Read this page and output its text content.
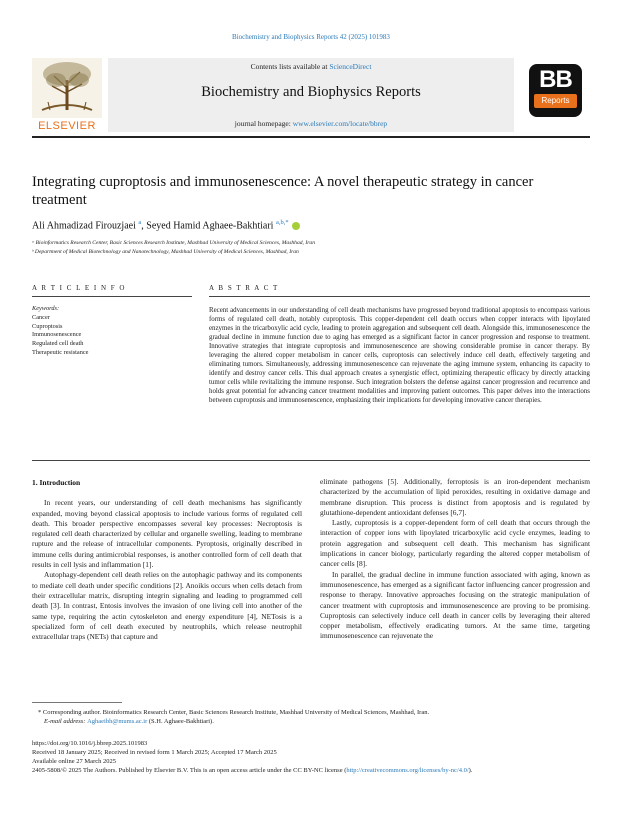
Biochemistry and Biophysics Reports 42 (2025) 101983
ELSEVIER
Contents lists available at ScienceDirect
Biochemistry and Biophysics Reports
journal homepage: www.elsevier.com/locate/bbrep
BB
Reports
Integrating cuproptosis and immunosenescence: A novel therapeutic strategy in cancer treatment
Ali Ahmadizad Firouzjaei $^a$, Seyed Hamid Aghaee-Bakhtiari $^{a,b,*}$
ᵃ Bioinformatics Research Center, Basic Sciences Research Institute, Mashhad University of Medical Sciences, Mashhad, Iran
ᵇ Department of Medical Biotechnology and Nanotechnology, Mashhad University of Medical Sciences, Mashhad, Iran
A R T I C L E I N F O	A B S T R A C T
Keywords:
Cancer
Cuproptosis
Immunosenescence
Regulated cell death
Therapeutic resistance
Recent advancements in our understanding of cell death mechanisms have progressed beyond traditional apoptosis to encompass various forms of regulated cell death, notably cuproptosis. This copper-dependent cell death occurs when copper interacts with lipoylated enzymes in the tricarboxylic acid cycle, leading to protein aggregation and subsequent cell death. Alongside this, immunosenescence the gradual decline in immune function due to aging has emerged as a significant factor in cancer progression and response to treatment. Innovative strategies that integrate cuproptosis and immunosenescence are showing considerable promise in cancer therapy. By leveraging the altered copper metabolism in cancer cells, cuproptosis can selectively induce cell death, effectively targeting and eliminating tumors. Simultaneously, addressing immunosenescence can rejuvenate the aging immune system, enhancing its capacity to identify and destroy cancer cells. This dual approach creates a synergistic effect, optimizing therapeutic efficacy by directly attacking tumor cells while revitalizing the immune response. Such integration bolsters the defense against cancer progression and recurrence and holds great potential for advancing cancer treatment modalities and improving patient outcomes. This paper delves into the interactions between cuproptosis and immunosenescence, emphasizing their implications for developing innovative cancer therapies.
1. Introduction

In recent years, our understanding of cell death mechanisms has significantly expanded, moving beyond classical apoptosis to include various forms of regulated cell death. This broader perspective encompasses several key processes: Necroptosis is regulated cell death characterized by cellular and organelle swelling, leading to membrane rupture and the release of intracellular components. Pyroptosis, originally described in immune cells during antimicrobial responses, is another controlled form of cell death that results in cell lysis and inflammation [1].

Autophagy-dependent cell death relies on the autophagic pathway and its components to mediate cell death under specific conditions [2]. Anoikis occurs when cells detach from their extracellular matrix, disrupting integrin signaling and leading to programmed cell death [3]. In contrast, Entosis involves the invasion of one living cell into another of the same type, requiring the actin cytoskeleton and energy expenditure [4], NETosis is a specialized form of cell death executed by neutrophils, which release neutrophil extracellular traps (NETs) that capture and

eliminate pathogens [5]. Additionally, ferroptosis is an iron-dependent mechanism characterized by the accumulation of lipid peroxides, resulting in oxidative damage and membrane disruption. This process is distinct from apoptosis and is regulated by glutathione-dependent antioxidant defenses [6,7].

Lastly, cuproptosis is a copper-dependent form of cell death that occurs through the interaction of copper ions with lipoylated tricarboxylic acid cycle enzymes, leading to protein aggregation and subsequent cell death. This mechanism has significant implications in cancer biology, particularly regarding the altered copper metabolism of cancer cells [8].

In parallel, the gradual decline in immune function associated with aging, known as immunosenescence, has emerged as a significant factor influencing cancer progression and response to therapy. Innovative approaches focusing on the strategic manipulation of cancer treatment with cuproptosis and immunosenescence are proving to be promising. Cuproptosis can selectively induce cell death in cancer cells by leveraging their altered copper metabolism, effectively eradicating tumors. At the same time, targeting immunosenescence can rejuvenate the

* Corresponding author. Bioinformatics Research Center, Basic Sciences Research Institute, Mashhad University of Medical Sciences, Mashhad, Iran.
E-mail address: Aghaeibh@mums.ac.ir (S.H. Aghaee-Bakhtiari).
https://doi.org/10.1016/j.bbrep.2025.101983
Received 18 January 2025; Received in revised form 1 March 2025; Accepted 17 March 2025
Available online 27 March 2025
2405-5808/© 2025 The Authors. Published by Elsevier B.V. This is an open access article under the CC BY-NC license (http://creativecommons.org/licenses/by-nc/4.0/).
